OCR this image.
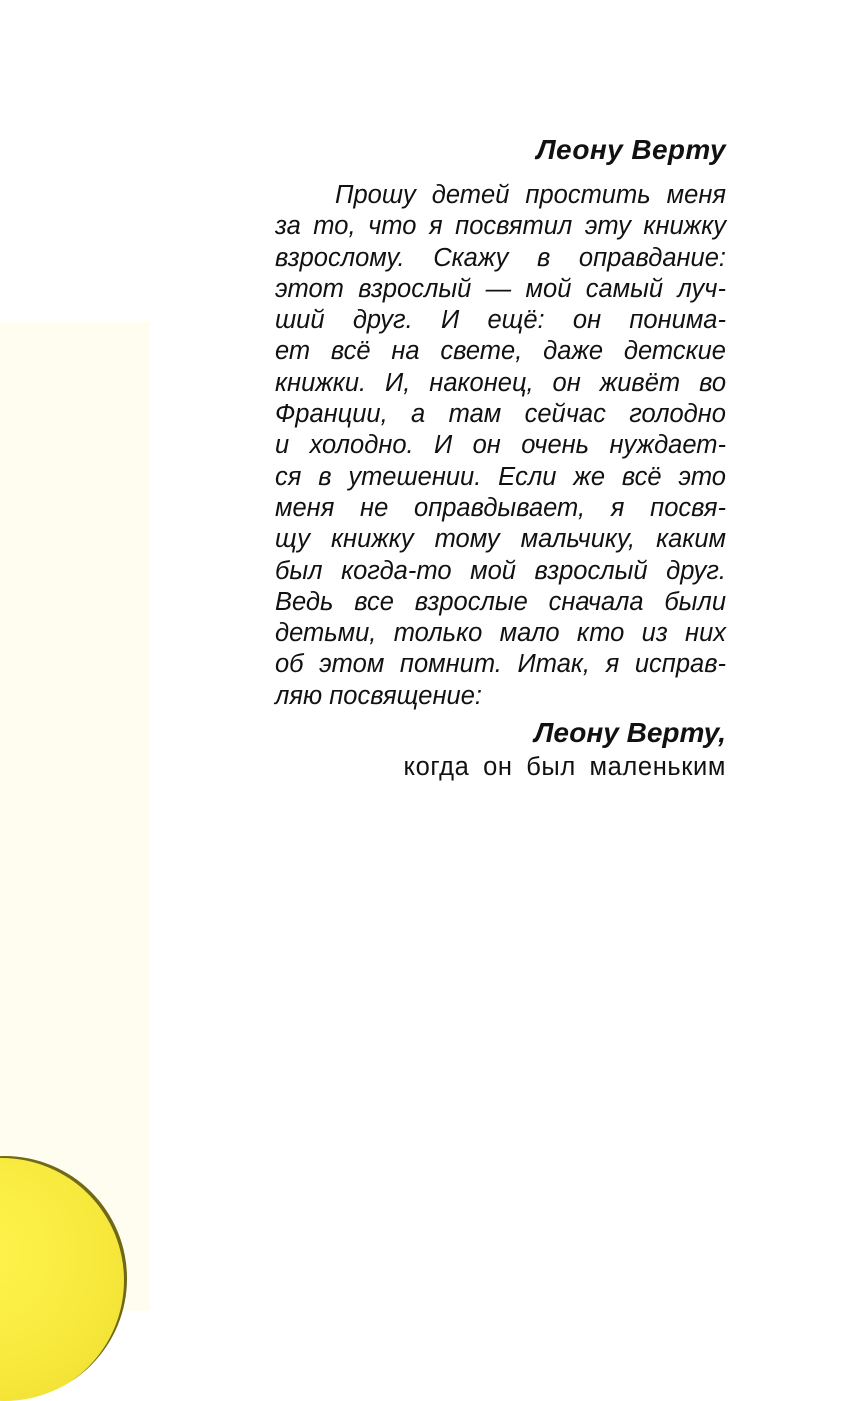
Леону Верту
Прошу детей простить меня
за то, что я посвятил эту книжку
взрослому. Скажу в оправдание:
этот взрослый — мой самый луч-
ший друг. И ещё: он понима-
ет всё на свете, даже детские
книжки. И, наконец, он живёт во
Франции, а там сейчас голодно
и холодно. И он очень нуждает-
ся в утешении. Если же всё это
меня не оправдывает, я посвя-
щу книжку тому мальчику, каким
был когда-то мой взрослый друг.
Ведь все взрослые сначала были
детьми, только мало кто из них
об этом помнит. Итак, я исправ-
ляю посвящение:

Леону Верту,

когда он был маленьким
